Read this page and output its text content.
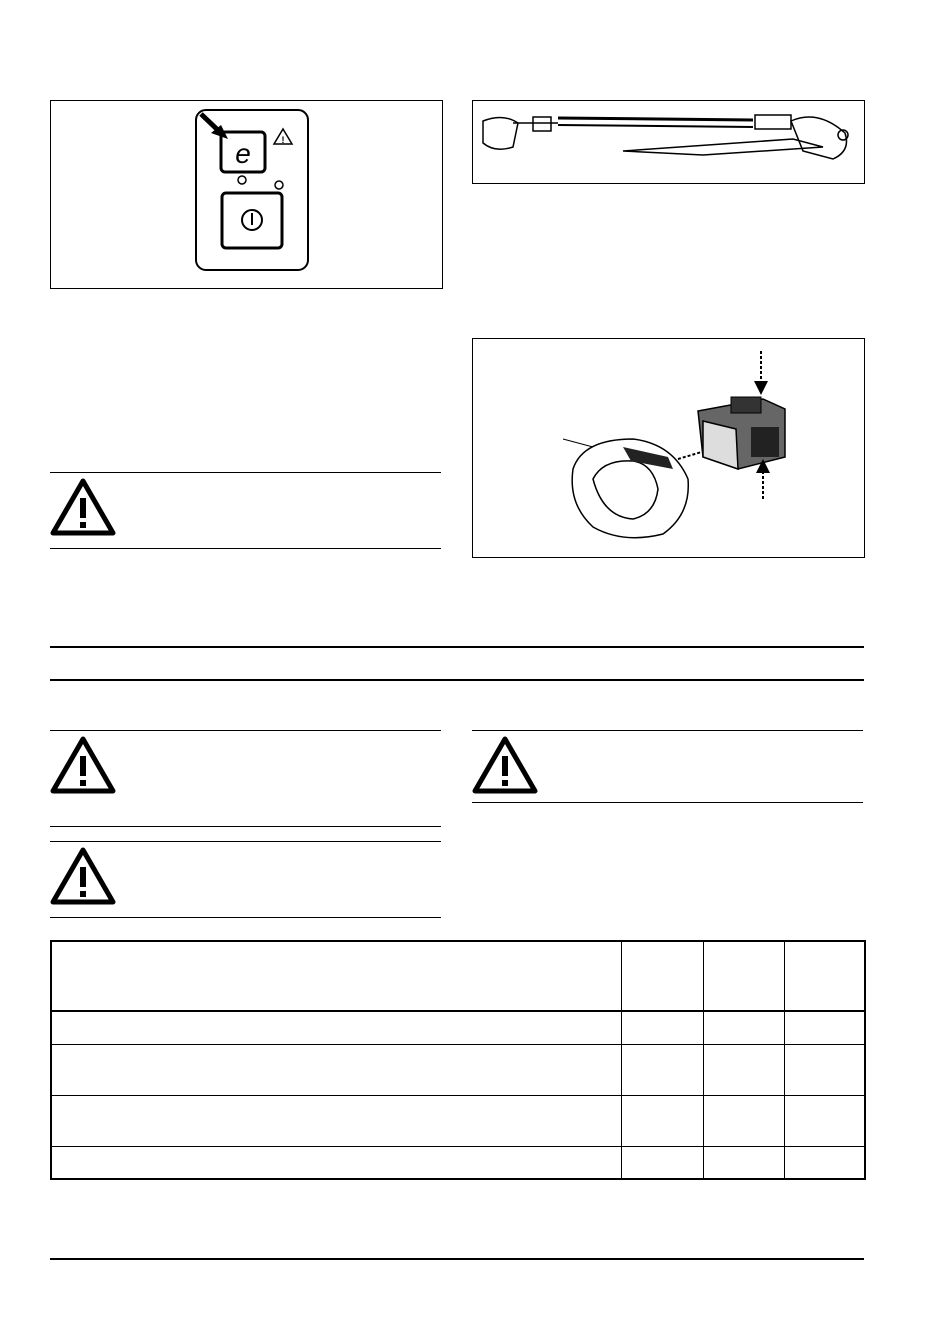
e	!
